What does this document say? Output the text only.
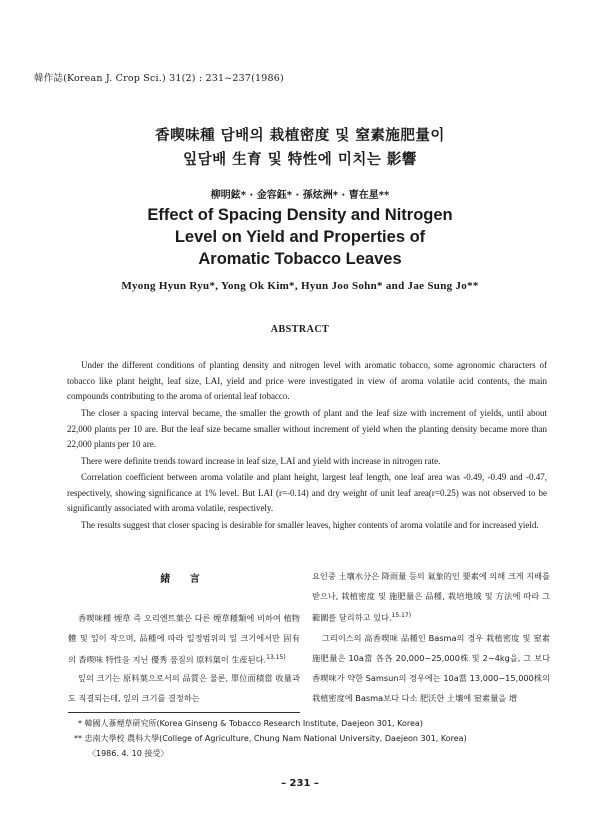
韓作誌(Korean J. Crop Sci.) 31(2) : 231~237(1986)
香喫味種 담배의 栽植密度 및 窒素施肥量이
잎담배 生育 및 特性에 미치는 影響
柳明鉉* · 金容鈺* · 孫炫洲* · 曺在星**
Effect of Spacing Density and Nitrogen
Level on Yield and Properties of
Aromatic Tobacco Leaves
Myong Hyun Ryu*, Yong Ok Kim*, Hyun Joo Sohn* and Jae Sung Jo**
ABSTRACT
Under the different conditions of planting density and nitrogen level with aromatic tobacco, some agronomic characters of tobacco like plant height, leaf size, LAI, yield and price were investigated in view of aroma volatile acid contents, the main compounds contributing to the aroma of oriental leaf tobacco.
The closer a spacing interval became, the smaller the growth of plant and the leaf size with increment of yields, until about 22,000 plants per 10 are. But the leaf size became smaller without increment of yield when the planting density became more than 22,000 plants per 10 are.
There were definite trends toward increase in leaf size, LAI and yield with increase in nitrogen rate.
Correlation coefficient between aroma volatile and plant height, largest leaf length, one leaf area was -0.49, -0.49 and -0.47, respectively, showing significance at 1% level. But LAI (r=-0.14) and dry weight of unit leaf area(r=0.25) was not observed to be significantly associated with aroma volatile, respectively.
The results suggest that closer spacing is desirable for smaller leaves, higher contents of aroma volatile and for increased yield.
緒 言
香喫味種 煙草 즉 오리엔트葉은 다른 煙草種類에 비하여 植物體 및 잎이 작으며, 品種에 따라 일정범위의 잎 크기에서만 固有의 香喫味 特性을 지닌 優秀 품질의 原料葉이 生産된다.$^{13.15)}$
잎의 크기는 原料葉으로서의 品質은 물론, 單位面積當 收量과도 직결되는데, 잎의 크기를 결정하는
요인중 土壤水分은 降雨量 등의 氣象的인 要素에 의해 크게 지배를 받으나, 栽植密度 및 施肥量은 品種, 栽培地域 및 方法에 따라 그 範圍를 달리하고 있다.$^{15.17)}$
그리이스의 高香喫味 品種인 Basma의 경우 栽植密度 및 窒素施肥量은 10a當 各各 20,000~25,000株 및 2~4kg을, 그 보다 香喫味가 약한 Samsun의 경우에는 10a當 13,000~15,000株의 栽植密度에 Basma보다 다소 肥沃한 土壤에 窒素量을 增
* 韓國人蔘煙草硏究所(Korea Ginseng & Tobacco Research Institute, Daejeon 301, Korea)
** 忠南大學校 農科大學(College of Agriculture, Chung Nam National University, Daejeon 301, Korea)
〈1986. 4. 10 接受〉
– 231 –
